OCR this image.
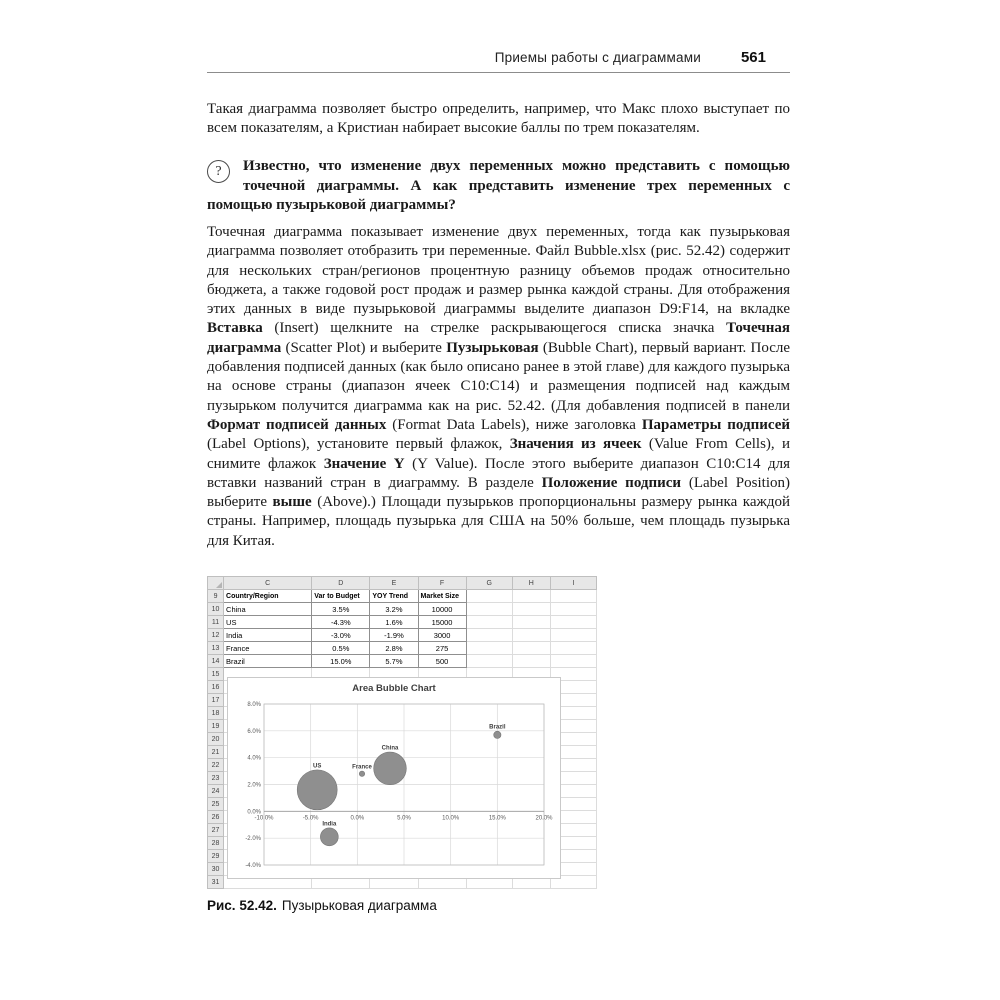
Приемы работы с диаграммами	561

Такая диаграмма позволяет быстро определить, например, что Макс плохо выступает по всем показателям, а Кристиан набирает высокие баллы по трем показателям.

?	Известно, что изменение двух переменных можно представить с помощью точечной диаграммы. А как представить изменение трех переменных с помощью пузырьковой диаграммы?

Точечная диаграмма показывает изменение двух переменных, тогда как пузырьковая диаграмма позволяет отобразить три переменные. Файл Bubble.xlsx (рис. 52.42) содержит для нескольких стран/регионов процентную разницу объемов продаж относительно бюджета, а также годовой рост продаж и размер рынка каждой страны. Для отображения этих данных в виде пузырьковой диаграммы выделите диапазон D9:F14, на вкладке Вставка (Insert) щелкните на стрелке раскрывающегося списка значка Точечная диаграмма (Scatter Plot) и выберите Пузырьковая (Bubble Chart), первый вариант. После добавления подписей данных (как было описано ранее в этой главе) для каждого пузырька на основе страны (диапазон ячеек C10:C14) и размещения подписей над каждым пузырьком получится диаграмма как на рис. 52.42. (Для добавления подписей в панели Формат подписей данных (Format Data Labels), ниже заголовка Параметры подписей (Label Options), установите первый флажок, Значения из ячеек (Value From Cells), и снимите флажок Значение Y (Y Value). После этого выберите диапазон C10:C14 для вставки названий стран в диаграмму. В разделе Положение подписи (Label Position) выберите выше (Above).) Площади пузырьков пропорциональны размеру рынка каждой страны. Например, площадь пузырька для США на 50% больше, чем площадь пузырька для Китая.

	C	D	E	F	G	H	I
9	Country/Region	Var to Budget	YOY Trend	Market Size			
10	China	3.5%	3.2%	10000			
11	US	-4.3%	1.6%	15000			
12	India	-3.0%	-1.9%	3000			
13	France	0.5%	2.8%	275			
14	Brazil	15.0%	5.7%	500			
15							
16							
17							
18							
19							
20							
21							
22							
23							
24							
25							
26							
27							
28							
29							
30							
31							
Area Bubble Chart
8.0%
6.0%
4.0%
2.0%
0.0%
-2.0%
-4.0%
-10.0%	-5.0%	0.0%	5.0%	10.0%	15.0%	20.0%
US
China
India
Brazil
France
Рис. 52.42. Пузырьковая диаграмма
